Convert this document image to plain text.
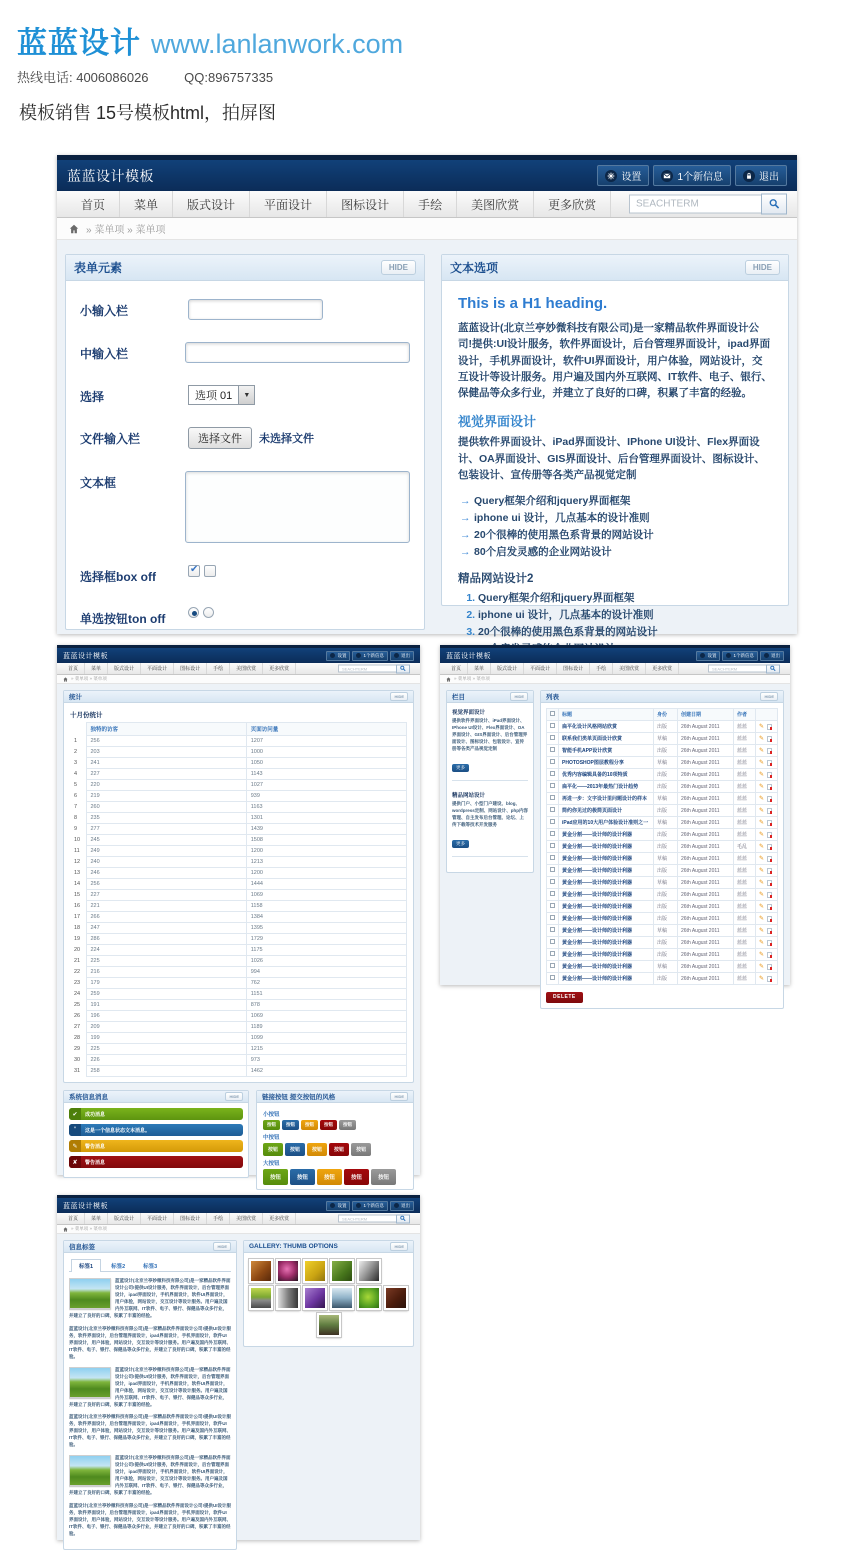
蓝蓝设计 www.lanlanwork.com
热线电话: 4006086026	QQ:896757335
模板销售 15号模板html，拍屏图
蓝蓝设计模板	设置	1个新信息	退出
首页	菜单	版式设计	平面设计	图标设计	手绘	美图欣赏	更多欣赏
SEACHTERM
» 菜单项 » 菜单项
表单元素	HIDE
小输入栏
中输入栏
选择	选项 01	▼
文件输入栏	选择文件	未选择文件
文本框
选择框box off
✔
单选按钮ton off
文本选项	HIDE
This is a H1 heading.

蓝蓝设计(北京兰亭妙微科技有限公司)是一家精品软件界面设计公司!提供:UI设计服务，软件界面设计，后台管理界面设计，ipad界面设计，手机界面设计，软件UI界面设计，用户体验，网站设计，交互设计等设计服务。用户遍及国内外互联网、IT软件、电子、银行、保健品等众多行业，并建立了良好的口碑，积累了丰富的经验。

视觉界面设计

提供软件界面设计、iPad界面设计、IPhone UI设计、Flex界面设计、OA界面设计、GIS界面设计、后台管理界面设计、图标设计、包装设计、宣传册等各类产品视觉定制

→ Query框架介绍和jquery界面框架
→ iphone ui 设计，几点基本的设计准则
→ 20个很棒的使用黑色系背景的网站设计
→ 80个启发灵感的企业网站设计
精品网站设计2
1. Query框架介绍和jquery界面框架
2. iphone ui 设计，几点基本的设计准则
3. 20个很棒的使用黑色系背景的网站设计
4.
蓝蓝设计模板	设置	1个新信息	退出
首页	菜单	版式设计	平面设计	图标设计	手绘	美图欣赏	更多欣赏
SEACHTERM
» 菜单项 » 菜单项
统计	HIDE
十月份统计
	独特的访客	页面访问量
1	256	1207
2	203	1000
3	241	1050
4	227	1143
5	220	1027
6	219	939
7	260	1163
8	235	1301
9	277	1439
10	245	1508
11	249	1200
12	240	1213
13	246	1200
14	256	1444
15	227	1069
16	221	1158
17	266	1384
18	247	1395
19	286	1729
20	224	1175
21	225	1026
22	216	994
23	179	762
24	259	1151
25	191	878
26	196	1069
27	209	1189
28	199	1099
29	225	1215
30	226	973
31	258	1462
系统信息消息	HIDE
✔	成功消息
“	这是一个信息状态文本消息。
✎	警告消息
✘	警告消息
链接按钮 提交按钮的风格	HIDE
小按钮
按钮	按钮	按钮	按钮	按钮
中按钮
按钮	按钮	按钮	按钮	按钮
大按钮
按钮	按钮	按钮	按钮	按钮
蓝蓝设计模板	设置	1个新信息	退出
首页	菜单	版式设计	平面设计	图标设计	手绘	美图欣赏	更多欣赏
SEACHTERM
» 菜单项 » 菜单项
栏目	HIDE
视觉界面设计
提供软件界面设计、iPad界面设计、IPhone UI设计、Flex界面设计、OA界面设计、GIS界面设计、后台管理界面设计、图标设计、包装设计、宣传册等各类产品视觉定制
更多
精品网站设计
提供门户、小型门户建设、blog、wordpress定制、网站设计、php内容管理、自主发布后台管理、论坛、上传下载等技术开发服务
更多
列表	HIDE
	标题	身份	创建日期	作者	
	扁平化设计风格网站欣赏	出版	26th August 2011	蓝蓝	✎
	联系我们类单页面设计欣赏	草稿	26th August 2011	蓝蓝	✎
	智能手机APP设计欣赏	出版	26th August 2011	蓝蓝	✎
	PHOTOSHOP图层教程分享	草稿	26th August 2011	蓝蓝	✎
	优秀内容编辑具备的10项特质	出版	26th August 2011	蓝蓝	✎
	扁平化——2013年最热门设计趋势	出版	26th August 2011	蓝蓝	✎
	再进一步：文字设计里问题设计的样本	草稿	26th August 2011	蓝蓝	✎
	简约你见过的极简页面设计	出版	26th August 2011	蓝蓝	✎
	iPad应用的10大用户体验设计准则之一	草稿	26th August 2011	蓝蓝	✎
	黄金分割——设计师的设计利器	出版	26th August 2011	蓝蓝	✎
	黄金分割——设计师的设计利器	出版	26th August 2011	毛乱	✎
	黄金分割——设计师的设计利器	草稿	26th August 2011	蓝蓝	✎
	黄金分割——设计师的设计利器	出版	26th August 2011	蓝蓝	✎
	黄金分割——设计师的设计利器	草稿	26th August 2011	蓝蓝	✎
	黄金分割——设计师的设计利器	出版	26th August 2011	蓝蓝	✎
	黄金分割——设计师的设计利器	出版	26th August 2011	蓝蓝	✎
	黄金分割——设计师的设计利器	出版	26th August 2011	蓝蓝	✎
	黄金分割——设计师的设计利器	草稿	26th August 2011	蓝蓝	✎
	黄金分割——设计师的设计利器	出版	26th August 2011	蓝蓝	✎
	黄金分割——设计师的设计利器	出版	26th August 2011	蓝蓝	✎
	黄金分割——设计师的设计利器	草稿	26th August 2011	蓝蓝	✎
	黄金分割——设计师的设计利器	出版	26th August 2011	蓝蓝	✎
DELETE
蓝蓝设计模板	设置	1个新信息	退出
首页	菜单	版式设计	平面设计	图标设计	手绘	美图欣赏	更多欣赏
SEACHTERM
» 菜单项 » 菜单项
信息标签	HIDE
标签1	标签2	标签3

蓝蓝设计(北京兰亭妙微科技有限公司)是一家精品软件界面设计公司!提供UI设计服务，软件界面设计，后台管理界面设计，ipad界面设计，手机界面设计，软件UI界面设计，用户体验，网站设计，交互设计等设计服务。用户遍及国内外互联网、IT软件、电子、银行、保健品等众多行业，并建立了良好的口碑，积累了丰富的经验。

蓝蓝设计(北京兰亭妙微科技有限公司)是一家精品软件界面设计公司!提供UI设计服务，软件界面设计，后台管理界面设计，ipad界面设计，手机界面设计，软件UI界面设计，用户体验，网站设计，交互设计等设计服务。用户遍及国内外互联网、IT软件、电子、银行、保健品等众多行业，并建立了良好的口碑，积累了丰富的经验。

蓝蓝设计(北京兰亭妙微科技有限公司)是一家精品软件界面设计公司!提供UI设计服务，软件界面设计，后台管理界面设计，ipad界面设计，手机界面设计，软件UI界面设计，用户体验，网站设计，交互设计等设计服务。用户遍及国内外互联网、IT软件、电子、银行、保健品等众多行业，并建立了良好的口碑，积累了丰富的经验。

蓝蓝设计(北京兰亭妙微科技有限公司)是一家精品软件界面设计公司!提供UI设计服务，软件界面设计，后台管理界面设计，ipad界面设计，手机界面设计，软件UI界面设计，用户体验，网站设计，交互设计等设计服务。用户遍及国内外互联网、IT软件、电子、银行、保健品等众多行业，并建立了良好的口碑，积累了丰富的经验。

蓝蓝设计(北京兰亭妙微科技有限公司)是一家精品软件界面设计公司!提供UI设计服务，软件界面设计，后台管理界面设计，ipad界面设计，手机界面设计，软件UI界面设计，用户体验，网站设计，交互设计等设计服务。用户遍及国内外互联网、IT软件、电子、银行、保健品等众多行业，并建立了良好的口碑，积累了丰富的经验。

蓝蓝设计(北京兰亭妙微科技有限公司)是一家精品软件界面设计公司!提供UI设计服务，软件界面设计，后台管理界面设计，ipad界面设计，手机界面设计，软件UI界面设计，用户体验，网站设计，交互设计等设计服务。用户遍及国内外互联网、IT软件、电子、银行、保健品等众多行业，并建立了良好的口碑，积累了丰富的经验。

GALLERY: THUMB OPTIONS	HIDE
